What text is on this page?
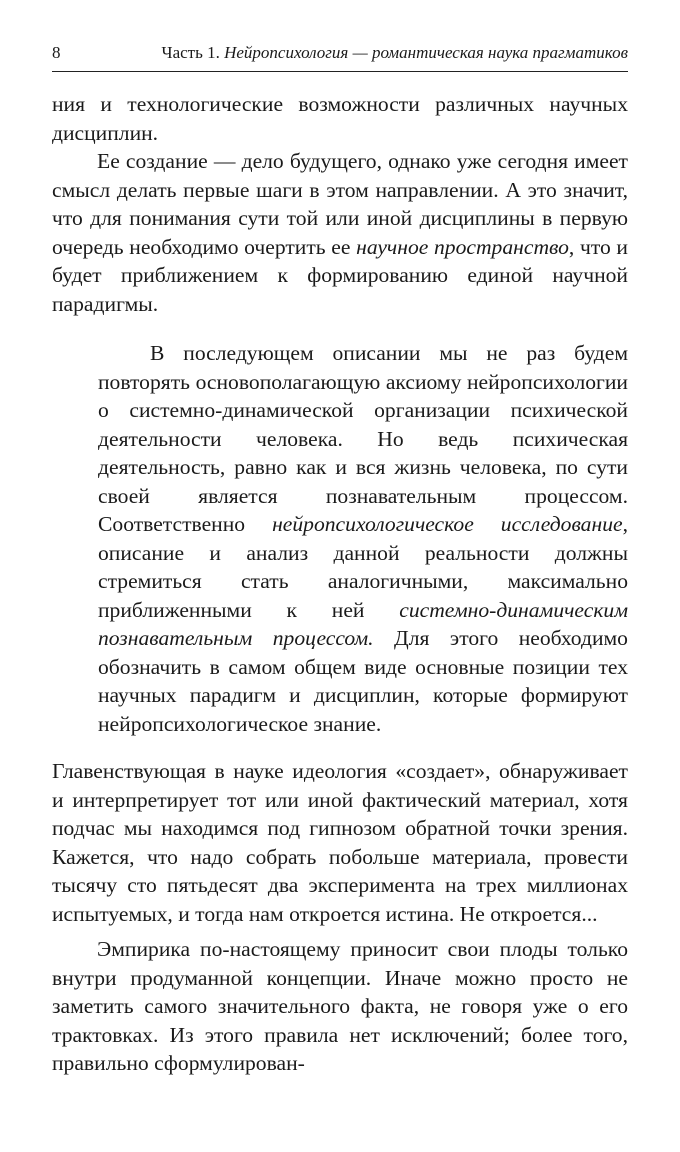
8	Часть 1. Нейропсихология — романтическая наука прагматиков

ния и технологические возможности различных научных дисциплин.

Ее создание — дело будущего, однако уже сегодня имеет смысл делать первые шаги в этом направлении. А это значит, что для понимания сути той или иной дисциплины в первую очередь необходимо очертить ее научное пространство, что и будет приближением к формированию единой научной парадигмы.

В последующем описании мы не раз будем повторять основополагающую аксиому нейропсихологии о системно-динамической организации психической деятельности человека. Но ведь психическая деятельность, равно как и вся жизнь человека, по сути своей является познавательным процессом. Соответственно нейропсихологическое исследование, описание и анализ данной реальности должны стремиться стать аналогичными, максимально приближенными к ней системно-динамическим познавательным процессом. Для этого необходимо обозначить в самом общем виде основные позиции тех научных парадигм и дисциплин, которые формируют нейропсихологическое знание.

Главенствующая в науке идеология «создает», обнаруживает и интерпретирует тот или иной фактический материал, хотя подчас мы находимся под гипнозом обратной точки зрения. Кажется, что надо собрать побольше материала, провести тысячу сто пятьдесят два эксперимента на трех миллионах испытуемых, и тогда нам откроется истина. Не откроется...

Эмпирика по-настоящему приносит свои плоды только внутри продуманной концепции. Иначе можно просто не заметить самого значительного факта, не говоря уже о его трактовках. Из этого правила нет исключений; более того, правильно сформулирован-
